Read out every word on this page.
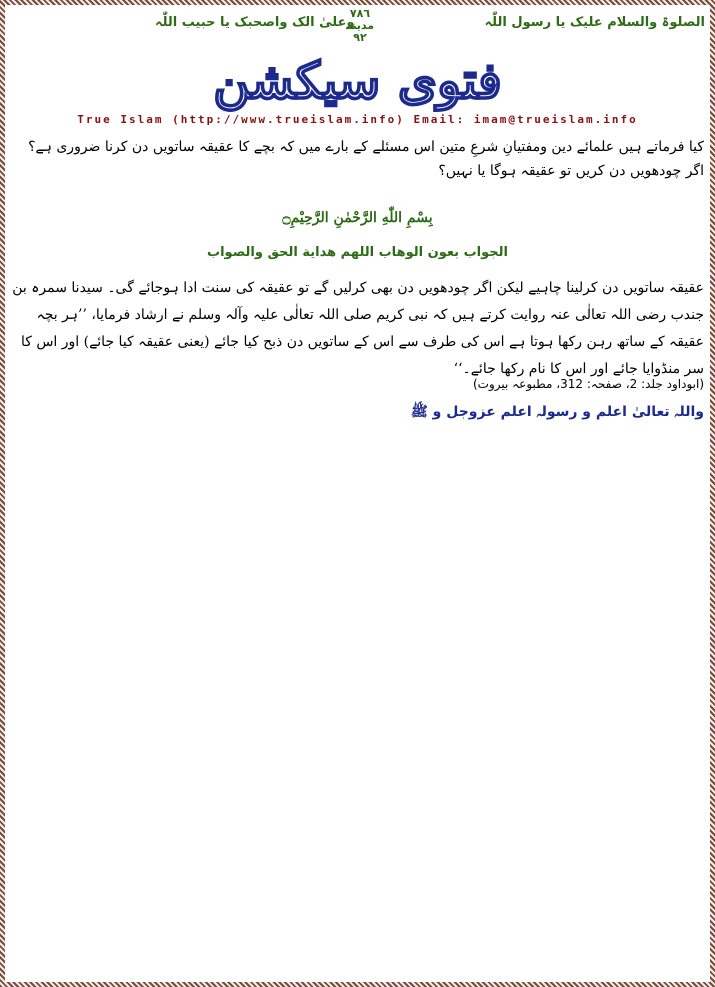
الصلوۃ والسلام علیک یا رسول اللّٰہ
٧٨٦
مدینہ
٩٢
وعلیٰ الک واصحبک یا حبیب اللّٰہ
فتوی سیکشن
True Islam (http://www.trueislam.info) Email: imam@trueislam.info
کیا فرماتے ہیں علمائے دین ومفتیانِ شرعِ متین اس مسئلے کے بارے میں کہ بچے کا عقیقہ ساتویں دن کرنا ضروری ہے؟ اگر چودھویں دن کریں تو عقیقہ ہوگا یا نہیں؟
بِسْمِ اللّٰهِ الرَّحْمٰنِ الرَّحِيْمِ۝
الجواب بعون الوهاب اللهم هداية الحق والصواب
عقیقہ ساتویں دن کرلینا چاہیے لیکن اگر چودھویں دن بھی کرلیں گے تو عقیقہ کی سنت ادا ہوجائے گی۔ سیدنا سمرہ بن جندب رضی اللہ تعالٰی عنہ روایت کرتے ہیں کہ نبی کریم صلی اللہ تعالٰی علیہ وآلہ وسلم نے ارشاد فرمایا، ’’ہر بچہ عقیقہ کے ساتھ رہن رکھا ہوتا ہے اس کی طرف سے اس کے ساتویں دن ذبح کیا جائے (یعنی عقیقہ کیا جائے) اور اس کا سر منڈوایا جائے اور اس کا نام رکھا جائے۔‘‘
(ابوداود جلد: 2، صفحہ: 312، مطبوعہ بیروت)
واللہ تعالیٰ اعلم و رسولہ اعلم عزوجل و ﷺ
